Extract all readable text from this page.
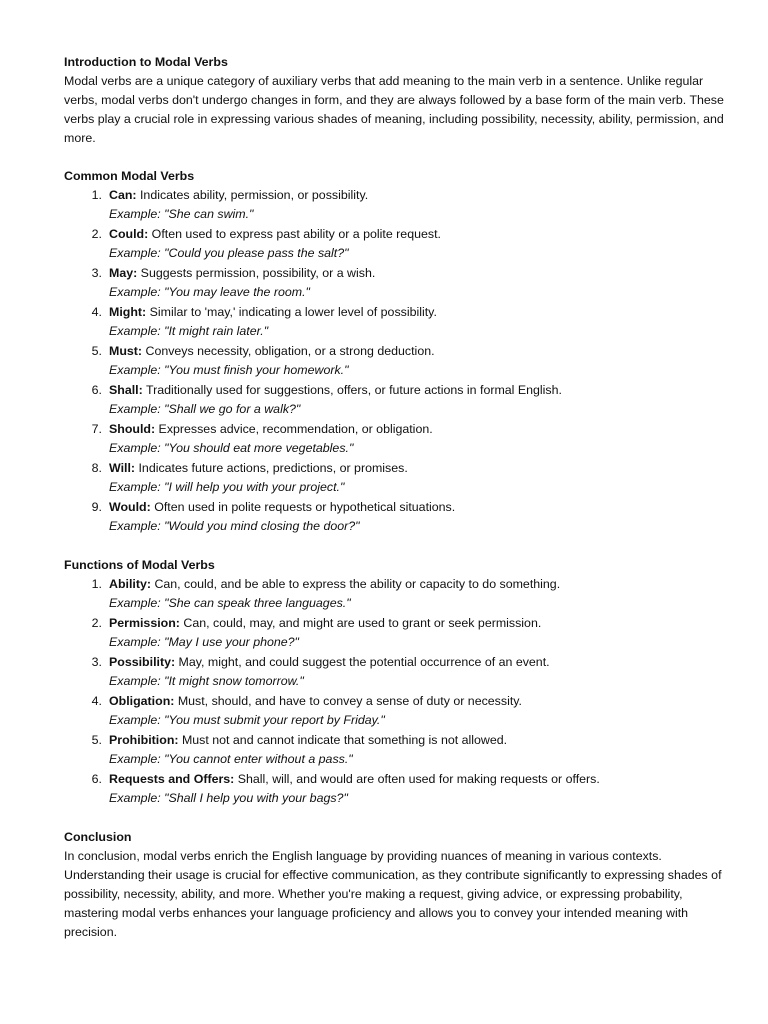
Introduction to Modal Verbs

Modal verbs are a unique category of auxiliary verbs that add meaning to the main verb in a sentence. Unlike regular verbs, modal verbs don't undergo changes in form, and they are always followed by a base form of the main verb. These verbs play a crucial role in expressing various shades of meaning, including possibility, necessity, ability, permission, and more.

Common Modal Verbs

1. Can: Indicates ability, permission, or possibility.
Example: "She can swim."
2. Could: Often used to express past ability or a polite request.
Example: "Could you please pass the salt?"
3. May: Suggests permission, possibility, or a wish.
Example: "You may leave the room."
4. Might: Similar to 'may,' indicating a lower level of possibility.
Example: "It might rain later."
5. Must: Conveys necessity, obligation, or a strong deduction.
Example: "You must finish your homework."
6. Shall: Traditionally used for suggestions, offers, or future actions in formal English.
Example: "Shall we go for a walk?"
7. Should: Expresses advice, recommendation, or obligation.
Example: "You should eat more vegetables."
8. Will: Indicates future actions, predictions, or promises.
Example: "I will help you with your project."
9. Would: Often used in polite requests or hypothetical situations.
Example: "Would you mind closing the door?"

Functions of Modal Verbs

1. Ability: Can, could, and be able to express the ability or capacity to do something.
Example: "She can speak three languages."
2. Permission: Can, could, may, and might are used to grant or seek permission.
Example: "May I use your phone?"
3. Possibility: May, might, and could suggest the potential occurrence of an event.
Example: "It might snow tomorrow."
4. Obligation: Must, should, and have to convey a sense of duty or necessity.
Example: "You must submit your report by Friday."
5. Prohibition: Must not and cannot indicate that something is not allowed.
Example: "You cannot enter without a pass."
6. Requests and Offers: Shall, will, and would are often used for making requests or offers.
Example: "Shall I help you with your bags?"

Conclusion

In conclusion, modal verbs enrich the English language by providing nuances of meaning in various contexts. Understanding their usage is crucial for effective communication, as they contribute significantly to expressing shades of possibility, necessity, ability, and more. Whether you're making a request, giving advice, or expressing probability, mastering modal verbs enhances your language proficiency and allows you to convey your intended meaning with precision.
